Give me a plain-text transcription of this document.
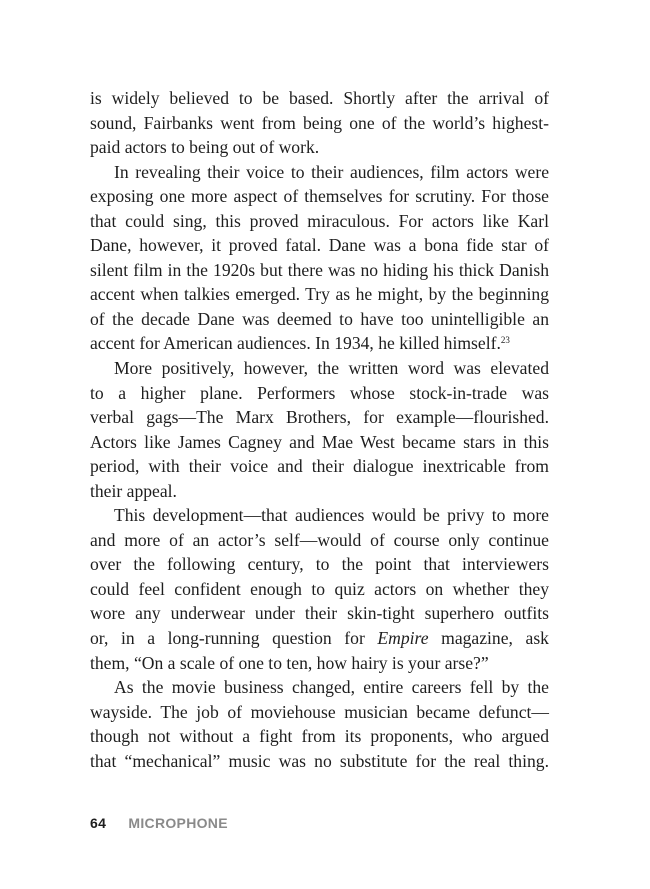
is widely believed to be based. Shortly after the arrival of
sound, Fairbanks went from being one of the world’s highest-
paid actors to being out of work.
In revealing their voice to their audiences, film actors were
exposing one more aspect of themselves for scrutiny. For those
that could sing, this proved miraculous. For actors like Karl
Dane, however, it proved fatal. Dane was a bona fide star of
silent film in the 1920s but there was no hiding his thick Danish
accent when talkies emerged. Try as he might, by the beginning
of the decade Dane was deemed to have too unintelligible an
accent for American audiences. In 1934, he killed himself.$^{23}$
More positively, however, the written word was elevated
to a higher plane. Performers whose stock-in-trade was
verbal gags—The Marx Brothers, for example—flourished.
Actors like James Cagney and Mae West became stars in this
period, with their voice and their dialogue inextricable from
their appeal.
This development—that audiences would be privy to more
and more of an actor’s self—would of course only continue
over the following century, to the point that interviewers
could feel confident enough to quiz actors on whether they
wore any underwear under their skin-tight superhero outfits
or, in a long-running question for Empire magazine, ask
them, “On a scale of one to ten, how hairy is your arse?”
As the movie business changed, entire careers fell by the
wayside. The job of moviehouse musician became defunct—
though not without a fight from its proponents, who argued
that “mechanical” music was no substitute for the real thing.
64 MICROPHONE
